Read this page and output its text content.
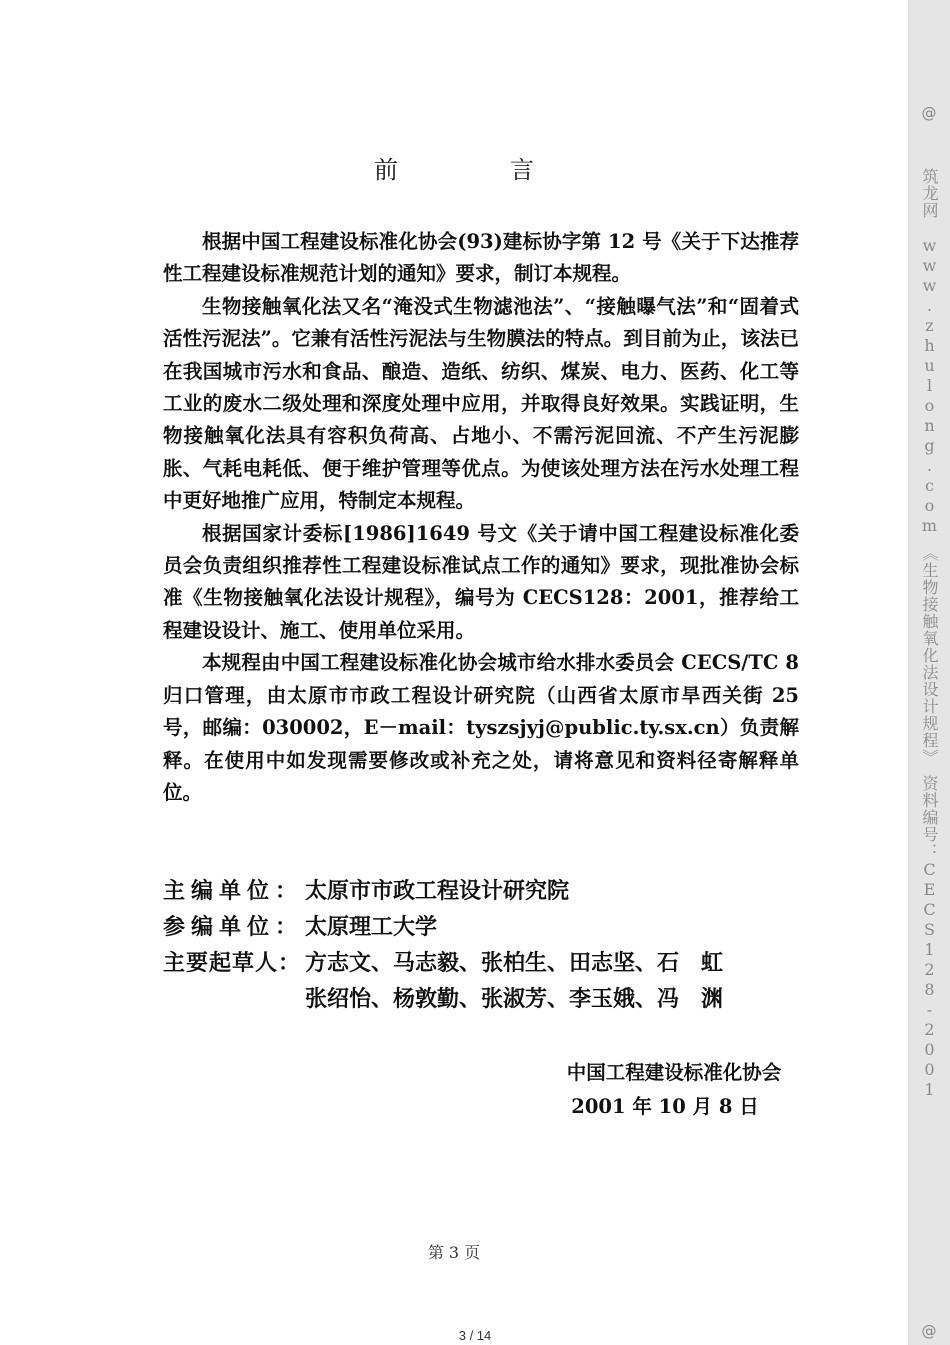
前　言

根据中国工程建设标准化协会(93)建标协字第 12 号《关于下达推荐性工程建设标准规范计划的通知》要求，制订本规程。

生物接触氧化法又名“淹没式生物滤池法”、“接触曝气法”和“固着式活性污泥法”。它兼有活性污泥法与生物膜法的特点。到目前为止，该法已在我国城市污水和食品、酿造、造纸、纺织、煤炭、电力、医药、化工等工业的废水二级处理和深度处理中应用，并取得良好效果。实践证明，生物接触氧化法具有容积负荷高、占地小、不需污泥回流、不产生污泥膨胀、气耗电耗低、便于维护管理等优点。为使该处理方法在污水处理工程中更好地推广应用，特制定本规程。

根据国家计委标[1986]1649 号文《关于请中国工程建设标准化委员会负责组织推荐性工程建设标准试点工作的通知》要求，现批准协会标准《生物接触氧化法设计规程》，编号为 CECS128：2001，推荐给工程建设设计、施工、使用单位采用。

本规程由中国工程建设标准化协会城市给水排水委员会 CECS/TC 8 归口管理，由太原市市政工程设计研究院（山西省太原市旱西关街 25 号，邮编：030002，E－mail：tyszsjyj@public.ty.sx.cn）负责解释。在使用中如发现需要修改或补充之处，请将意见和资料径寄解释单位。

主编单位： 太原市市政工程设计研究院
参编单位： 太原理工大学
主要起草人： 方志文、马志毅、张柏生、田志坚、石　虹
张绍怡、杨敦勤、张淑芳、李玉娥、冯　渊
中国工程建设标准化协会
2001 年 10 月 8 日
第 3 页
@
筑龙网　www.zhulong.com　《生物接触氧化法设计规程》　资料编号：CECS128-2001
@
3 / 14
